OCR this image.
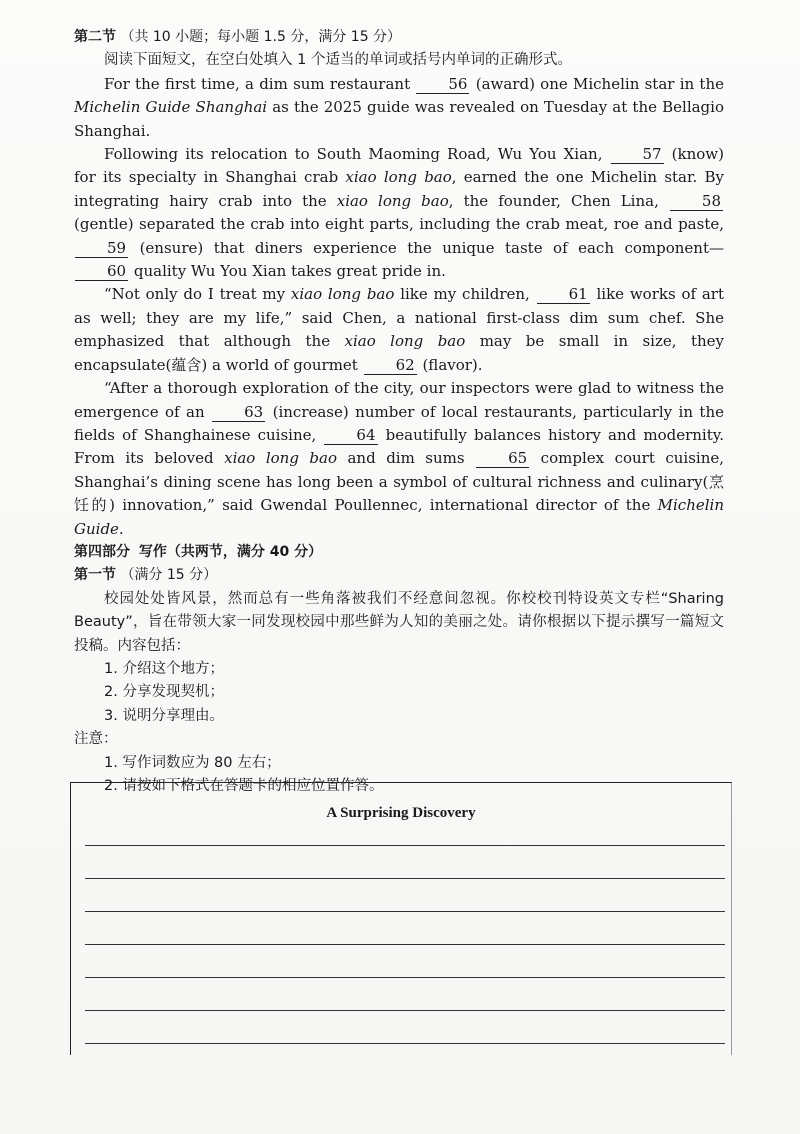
第二节 （共 10 小题；每小题 1.5 分，满分 15 分）

阅读下面短文，在空白处填入 1 个适当的单词或括号内单词的正确形式。

For the first time, a dim sum restaurant 56 (award) one Michelin star in the Michelin Guide Shanghai as the 2025 guide was revealed on Tuesday at the Bellagio Shanghai.

Following its relocation to South Maoming Road, Wu You Xian, 57 (know) for its specialty in Shanghai crab xiao long bao, earned the one Michelin star. By integrating hairy crab into the xiao long bao, the founder, Chen Lina, 58 (gentle) separated the crab into eight parts, including the crab meat, roe and paste, 59 (ensure) that diners experience the unique taste of each component— 60 quality Wu You Xian takes great pride in.

“Not only do I treat my xiao long bao like my children, 61 like works of art as well; they are my life,” said Chen, a national first-class dim sum chef. She emphasized that although the xiao long bao may be small in size, they encapsulate(蕴含) a world of gourmet 62 (flavor).

“After a thorough exploration of the city, our inspectors were glad to witness the emergence of an 63 (increase) number of local restaurants, particularly in the fields of Shanghainese cuisine, 64 beautifully balances history and modernity. From its beloved xiao long bao and dim sums 65 complex court cuisine, Shanghai’s dining scene has long been a symbol of cultural richness and culinary(烹饪的) innovation,” said Gwendal Poullennec, international director of the Michelin Guide.

第四部分 写作（共两节，满分 40 分）
第一节 （满分 15 分）

校园处处皆风景，然而总有一些角落被我们不经意间忽视。你校校刊特设英文专栏“Sharing Beauty”，旨在带领大家一同发现校园中那些鲜为人知的美丽之处。请你根据以下提示撰写一篇短文投稿。内容包括：

1. 介绍这个地方；
2. 分享发现契机；
3. 说明分享理由。
注意：
1. 写作词数应为 80 左右；
2. 请按如下格式在答题卡的相应位置作答。
A Surprising Discovery
